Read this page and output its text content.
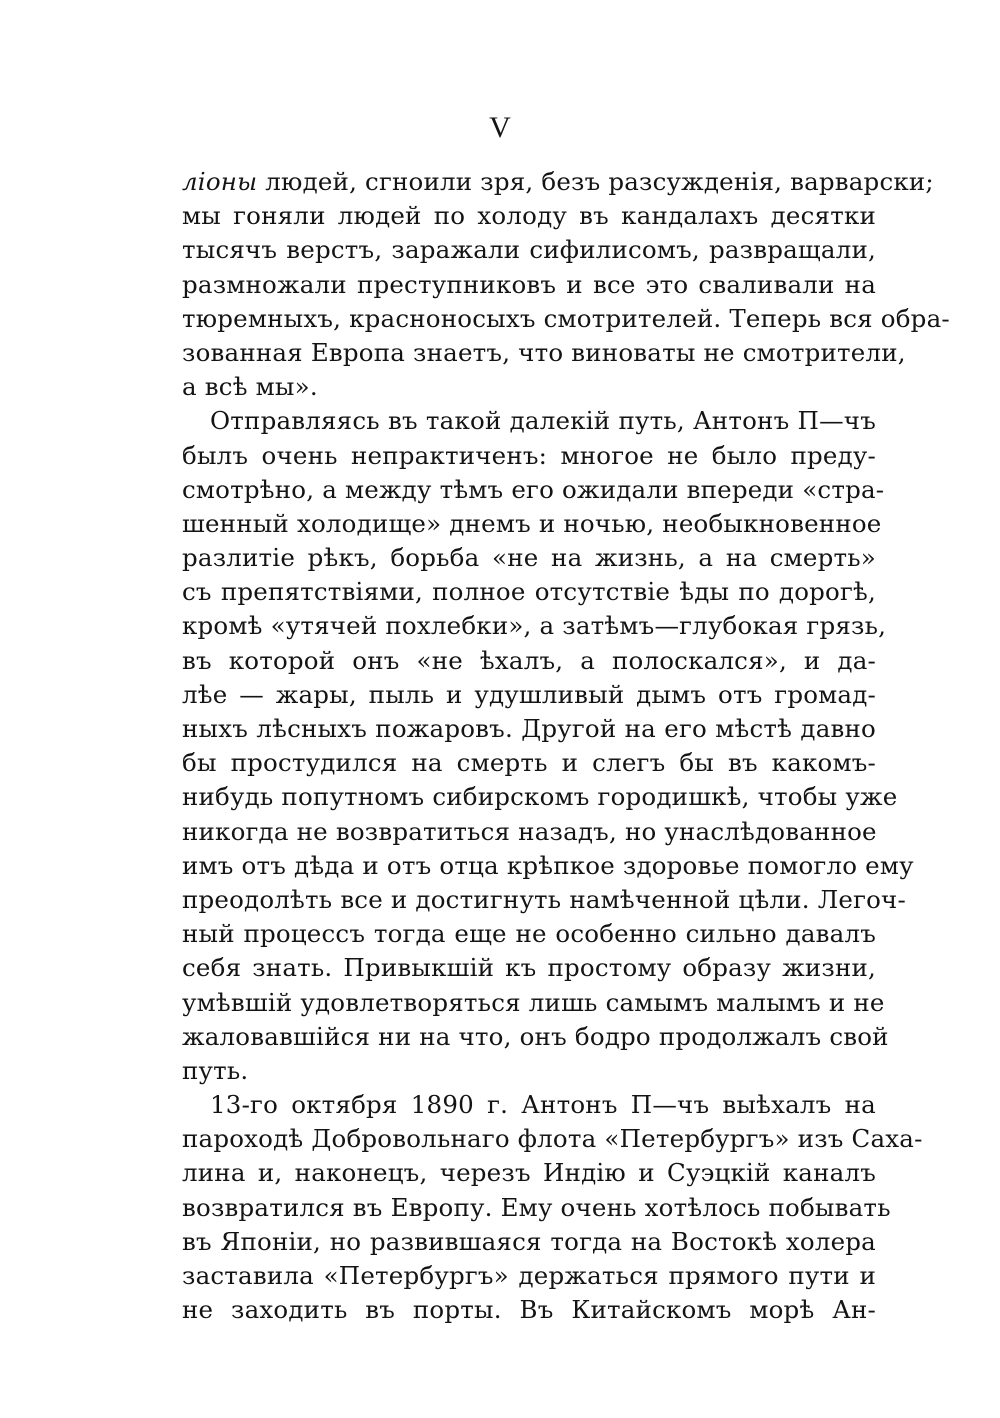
V
лiоны людей, сгноили зря, безъ разсужденiя, варварски;
мы гоняли людей по холоду въ кандалахъ десятки
тысячъ верстъ, заражали сифилисомъ, развращали,
размножали преступниковъ и все это сваливали на
тюремныхъ, красноносыхъ смотрителей. Теперь вся обра-
зованная Европа знаетъ, что виноваты не смотрители,
а всѣ мы».
Отправляясь въ такой далекiй путь, Антонъ П—чъ
былъ очень непрактиченъ: многое не было преду-
смотрѣно, а между тѣмъ его ожидали впереди «стра-
шенный холодище» днемъ и ночью, необыкновенное
разлитiе рѣкъ, борьба «не на жизнь, а на смерть»
съ препятствiями, полное отсутствiе ѣды по дорогѣ,
кромѣ «утячей похлебки», а затѣмъ—глубокая грязь,
въ которой онъ «не ѣхалъ, а полоскался», и да-
лѣе — жары, пыль и удушливый дымъ отъ громад-
ныхъ лѣсныхъ пожаровъ. Другой на его мѣстѣ давно
бы простудился на смерть и слегъ бы въ какомъ-
нибудь попутномъ сибирскомъ городишкѣ, чтобы уже
никогда не возвратиться назадъ, но унаслѣдованное
имъ отъ дѣда и отъ отца крѣпкое здоровье помогло ему
преодолѣть все и достигнуть намѣченной цѣли. Легоч-
ный процессъ тогда еще не особенно сильно давалъ
себя знать. Привыкшiй къ простому образу жизни,
умѣвшiй удовлетворяться лишь самымъ малымъ и не
жаловавшiйся ни на что, онъ бодро продолжалъ свой
путь.
13-го октября 1890 г. Антонъ П—чъ выѣхалъ на
пароходѣ Добровольнаго флота «Петербургъ» изъ Саха-
лина и, наконецъ, черезъ Индiю и Суэцкiй каналъ
возвратился въ Европу. Ему очень хотѣлось побывать
въ Японiи, но развившаяся тогда на Востокѣ холера
заставила «Петербургъ» держаться прямого пути и
не заходить въ порты. Въ Китайскомъ морѣ Ан-
